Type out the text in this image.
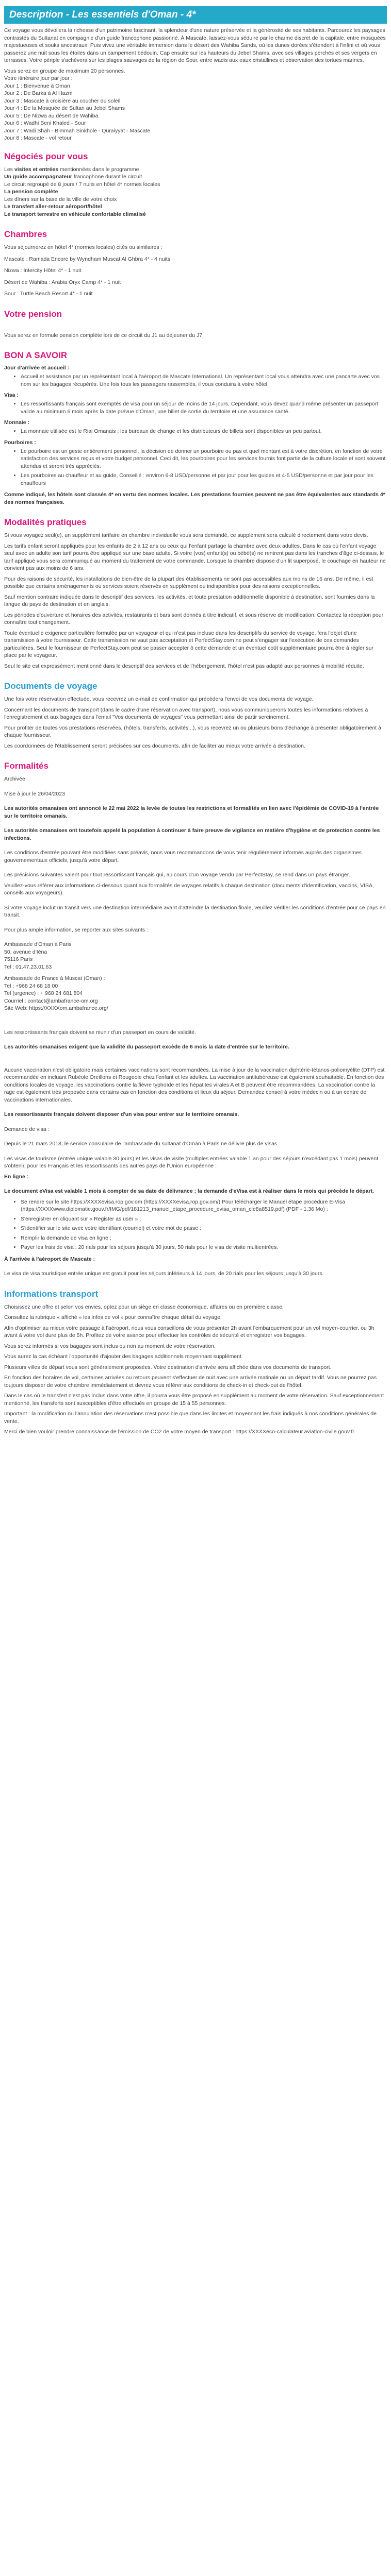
Description - Les essentiels d'Oman - 4*

Ce voyage vous dévoilera la richesse d'un patrimoine fascinant, la splendeur d'une nature préservée et la générosité de ses habitants. Parcourez les paysages contrastés du Sultanat en compagnie d'un guide francophone passionné. À Mascate, laissez-vous séduire par le charme discret de la capitale, entre mosquées majestueuses et souks ancestraux. Puis vivez une véritable immersion dans le désert des Wahiba Sands, où les dunes dorées s'étendent à l'infini et où vous passerez une nuit sous les étoiles dans un campement bédouin. Cap ensuite sur les hauteurs du Jebel Shams, avec ses villages perchés et ses vergers en terrasses. Votre périple s'achèvera sur les plages sauvages de la région de Sour, entre wadis aux eaux cristallines et observation des tortues marines.

Vous serez en groupe de maximum 20 personnes.
Votre itinéraire jour par jour :
Jour 1 : Bienvenue à Oman
Jour 2 : De Barka à Al Hazm
Jour 3 : Mascate à croisière au coucher du soleil
Jour 4 : De la Mosquée de Sultan au Jebel Shams
Jour 5 : De Nizwa au désert de Wahiba
Jour 6 : Wadhi Beni Khaled - Sour
Jour 7 : Wadi Shah - Bimmah Sinkhole - Quraiyyat - Mascate
Jour 8 : Mascate - vol retour
Négociés pour vous
Les visites et entrées mentionnées dans le programme
Un guide accompagnateur francophone durant le circuit
Le circuit regroupé de 8 jours / 7 nuits en hôtel 4* normes locales
La pension complète
Les dîners sur la base de la ville de votre choix
Le transfert aller-retour aéroport/hôtel
Le transport terrestre en véhicule confortable climatisé
Chambres
Vous séjournerez en hôtel 4* (normes locales) cités ou similaires :
Mascate : Ramada Encore by Wyndham Muscat Al Ghbra 4* - 4 nuits
Nizwa : Intercity Hôtel 4* - 1 nuit
Désert de Wahiba : Arabia Oryx Camp 4* - 1 nuit
Sour : Turtle Beach Resort 4* - 1 nuit
Votre pension

Vous serez en formule pension complète lors de ce circuit du J1 au déjeuner du J7.

BON A SAVOIR
Jour d'arrivée et accueil :
• Accueil et assistance par un représentant local à l'aéroport de Mascate International. Un représentant local vous attendra avec une pancarte avec vos nom sur les bagages récupérés. Une fois tous les passagers rassemblés, il vous conduira à votre hôtel.
Visa :
• Les ressortissants français sont exemptés de visa pour un séjour de moins de 14 jours. Cependant, vous devez quand même présenter un passeport valide au minimum 6 mois après la date prévue d'Oman, une billet de sortie du territoire et une assurance santé.
Monnaie :
• La monnaie utilisée est le Rial Omanais ; les bureaux de change et les distributeurs de billets sont disponibles un peu partout.
Pourboires :
• Le pourboire est un geste entièrement personnel, la décision de donner un pourboire ou pas et quel montant est à votre discrétion, en fonction de votre satisfaction des services reçus et votre budget personnel. Ceci dit, les pourboires pour les services fournis font partie de la culture locale et sont souvent attendus et seront très appréciés.
• Les pourboires au chauffeur et au guide, Conseillé : environ 6-8 USD/personne et par jour pour les guides et 4-5 USD/personne et par jour pour les chauffeurs

Comme indiqué, les hôtels sont classés 4* en vertu des normes locales. Les prestations fournies peuvent ne pas être équivalentes aux standards 4* des normes françaises.

Modalités pratiques

Si vous voyagez seul(e), un supplément tarifaire en chambre individuelle vous sera demandé, ce supplément sera calculé directement dans votre devis.

Les tarifs enfant seront appliqués pour les enfants de 2 à 12 ans ou ceux qui l'enfant partage la chambre avec deux adultes. Dans le cas où l'enfant voyage seul avec un adulte son tarif pourra être appliqué sur une base adulte. Si votre (vos) enfant(s) ou bébé(s) ne rentrent pas dans les tranches d'âge ci-dessus, le tarif appliqué vous sera communiqué au moment du traitement de votre commande. Lorsque la chambre dispose d'un lit superposé, le couchage en hauteur ne convient pas aux moins de 6 ans.

Pour des raisons de sécurité, les installations de bien-être de la plupart des établissements ne sont pas accessibles aux moins de 16 ans. De même, il est possible que certains aménagements ou services soient réservés en supplément ou indisponibles pour des raisons exceptionnelles.

Sauf mention contraire indiquée dans le descriptif des services, les activités, et toute prestation additionnelle disponible à destination, sont fournies dans la langue du pays de destination et en anglais.

Les périodes d'ouverture et horaires des activités, restaurants et bars sont donnés à titre indicatif, et sous réserve de modification. Contactez la réception pour connaître tout changement.

Toute éventuelle exigence particulière formulée par un voyageur et qui n'est pas incluse dans les descriptifs du service de voyage, fera l'objet d'une transmission à votre fournisseur. Cette transmission ne vaut pas acceptation et PerfectStay.com ne peut s'engager sur l'exécution de ces demandes particulières. Seul le fournisseur de PerfectStay.com peut se passer accepter ô cette demande et un éventuel coût supplémentaire pourra être à régler sur place par le voyageur.

Seul le site est expressément mentionné dans le descriptif des services et de l'hébergement, l'hôtel n'est pas adapté aux personnes à mobilité réduite.

Documents de voyage

Une fois votre réservation effectuée, vous recevrez un e-mail de confirmation qui précèdera l'envoi de vos documents de voyage.

Concernant les documents de transport (dans le cadre d'une réservation avec transport), nous vous communiquerons toutes les informations relatives à l'enregistrement et aux bagages dans l'email "Vos documents de voyages" vous permettant ainsi de partir sereinement.

Pour profiter de toutes vos prestations réservées, (hôtels, transferts, activités...), vous recevrez un ou plusieurs bons d'échange à présenter obligatoirement à chaque fournisseur.

Les coordonnées de l'établissement seront précisées sur ces documents, afin de faciliter au mieux votre arrivée à destination.

Formalités

Archivée

Mise à jour le 26/04/2023

Les autorités omanaises ont annoncé le 22 mai 2022 la levée de toutes les restrictions et formalités en lien avec l'épidémie de COVID-19 à l'entrée sur le territoire omanais.

Les autorités omanaises ont toutefois appelé la population à continuer à faire preuve de vigilance en matière d'hygiène et de protection contre les infections.

Les conditions d'entrée pouvant être modifiées sans préavis, nous vous recommandons de vous tenir régulièrement informés auprès des organismes gouvernementaux officiels, jusqu'à votre départ.

Les précisions suivantes valent pour tout ressortissant français qui, au cours d'un voyage vendu par PerfectStay, se rend dans un pays étranger.

Veuillez-vous référer aux informations ci-dessous quant aux formalités de voyages relatifs à chaque destination (documents d'identification, vaccins, VISA, conseils aux voyageurs).

Si votre voyage inclut un transit vers une destination intermédiaire avant d'atteindre la destination finale, veuillez vérifier les conditions d'entrée pour ce pays en transit.

Pour plus ample information, se reporter aux sites suivants :

Ambassade d'Oman à Paris
50, avenue d'Iéna
75116 Paris
Tel : 01.47.23.01.63
Ambassade de France à Muscat (Oman) :
Tel : +968 24 68 18 00
Tel (urgence) : + 968 24 681 804
Courriel : contact@ambafrance-om.org
Site Web: https://XXXXom.ambafrance.org/

Les ressortissants français doivent se munir d'un passeport en cours de validité.

Les autorités omanaises exigent que la validité du passeport excède de 6 mois la date d'entrée sur le territoire.

Aucune vaccination n'est obligatoire mais certaines vaccinations sont recommandées. La mise à jour de la vaccination diphtérie-tétanos-poliomyélite (DTP) est recommandée en incluant Rubéole Oreillons et Rougeole chez l'enfant et les adultes. La vaccination antitubéreuse est également souhaitable. En fonction des conditions locales de voyage, les vaccinations contre la fièvre typhoïde et les hépatites virales A et B peuvent être recommandées. La vaccination contre la rage est également très proposée dans certains cas en fonction des conditions et lieux du séjour. Demandez conseil à votre médecin ou à un centre de vaccinations internationales.

Les ressortissants français doivent disposer d'un visa pour entrer sur le territoire omanais.

Demande de visa :

Depuis le 21 mars 2018, le service consulaire de l'ambassade du sultanat d'Oman à Paris ne délivre plus de visas.

Les visas de tourisme (entrée unique valable 30 jours) et les visas de visite (multiples entrées valable 1 an pour des séjours n'excédant pas 1 mois) peuvent s'obtenir, pour les Français et les ressortissants des autres pays de l'Union européenne :

En ligne :

Le document eVisa est valable 1 mois à compter de sa date de délivrance ; la demande d'eVisa est à réaliser dans le mois qui précède le départ.

• Se rendre sur le site https://XXXXevisa.rop.gov.om (https://XXXXevisa.rop.gov.om/) Pour télécharger le Manuel étape procédure E-Visa (https://XXXXwww.diplomatie.gouv.fr/IMG/pdf/181213_manuel_etape_procedure_evisa_oman_cle8a8519.pdf) (PDF - 1,36 Mo) ;
• S'enregistrer en cliquant sur « Register as user » ;
• S'identifier sur le site avec votre identifiant (courriel) et votre mot de passe ;
• Remplir la demande de visa en ligne ;
• Payer les frais de visa : 20 rials pour les séjours jusqu'à 30 jours, 50 rials pour le visa de visite multientrées.

À l'arrivée à l'aéroport de Mascate :

Le visa de visa touristique entrée unique est gratuit pour les séjours inférieurs à 14 jours, de 20 rials pour les séjours jusqu'à 30 jours.

Informations transport

Choisissez une offre et selon vos envies, optez pour un siège en classe économique, affaires ou en première classe.

Consultez la rubrique « affiché » les infos de vol » pour connaître chaque détail du voyage.

Afin d'optimiser au mieux votre passage à l'aéroport, nous vous conseillons de vous présenter 2h avant l'embarquement pour un vol moyen-courrier, ou 3h avant à votre vol dure plus de 5h. Profitez de votre avance pour effectuer les contrôles de sécurité et enregistrer vos bagages.

Vous serez informés si vos bagages sont inclus ou non au moment de votre réservation.

Vous aurez la cas échéant l'opportunité d'ajouter des bagages additionnels moyennant supplément

Plusieurs villes de départ vous sont généralement proposées. Votre destination d'arrivée sera affichée dans vos documents de transport.

En fonction des horaires de vol, certaines arrivées ou retours peuvent s'effectuer de nuit avec une arrivée matinale ou un départ tardif. Vous ne pourrez pas toujours disposer de votre chambre immédiatement et devrez vous référer aux conditions de check-in et check-out de l'hôtel.

Dans le cas où le transfert n'est pas inclus dans votre offre, il pourra vous être proposé en supplément au moment de votre réservation. Sauf exceptionnement mentionné, les transferts sont susceptibles d'être effectués en groupe de 15 à 55 personnes.

Important : la modification ou l'annulation des réservations n'est possible que dans les limites et moyennant les frais indiqués à nos conditions générales de vente.

Merci de bien vouloir prendre connaissance de l'émission de CO2 de votre moyen de transport : https://XXXXeco-calculateur.aviation-civile.gouv.fr
